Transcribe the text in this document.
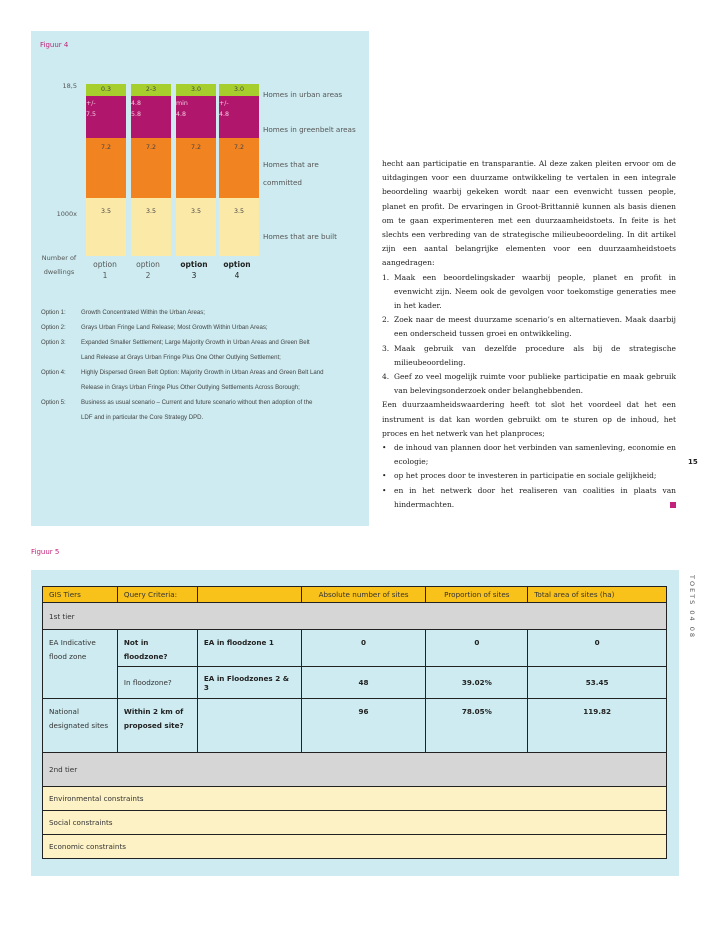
Figuur 4
18,5
1000x
Number of
dwellings
0.3
+/-
7.5
7.2
3.5
2-3
4.8
5.8
7.2
3.5
3.0
min
4.8
7.2
3.5
3.0
+/-
4.8
7.2
3.5
Homes in urban areas
Homes in greenbelt areas
Homes that are
committed
Homes that are built
option
1
option
2
option
3
option
4
Option 1:	Growth Concentrated Within the Urban Areas;
Option 2:	Grays Urban Fringe Land Release; Most Growth Within Urban Areas;
Option 3:	Expanded Smaller Settlement; Large Majority Growth in Urban Areas and Green Belt
Land Release at Grays Urban Fringe Plus One Other Outlying Settlement;
Option 4:	Highly Dispersed Green Belt Option: Majority Growth in Urban Areas and Green Belt Land
Release in Grays Urban Fringe Plus Other Outlying Settlements Across Borough;
Option 5:	Business as usual scenario – Current and future scenario without then adoption of the
LDF and in particular the Core Strategy DPD.

hecht aan participatie en transparantie. Al deze zaken pleiten ervoor om de uitdagingen voor een duurzame ontwikkeling te vertalen in een integrale beoordeling waarbij gekeken wordt naar een evenwicht tussen people, planet en profit. De ervaringen in Groot-Brittannië kunnen als basis dienen om te gaan experimenteren met een duurzaamheidstoets. In feite is het slechts een verbreding van de strategische milieubeoordeling. In dit artikel zijn een aantal belangrijke elementen voor een duurzaamheidstoets aangedragen:

1. Maak een beoordelingskader waarbij people, planet en profit in evenwicht zijn. Neem ook de gevolgen voor toekomstige generaties mee in het kader.
2. Zoek naar de meest duurzame scenario’s en alternatieven. Maak daarbij een onderscheid tussen groei en ontwikkeling.
3. Maak gebruik van dezelfde procedure als bij de strategische milieubeoordeling.
4. Geef zo veel mogelijk ruimte voor publieke participatie en maak gebruik van belevingsonderzoek onder belanghebbenden.

Een duurzaamheidswaardering heeft tot slot het voordeel dat het een instrument is dat kan worden gebruikt om te sturen op de inhoud, het proces en het netwerk van het planproces;

• de inhoud van plannen door het verbinden van samenleving, economie en ecologie;
• op het proces door te investeren in participatie en sociale gelijkheid;
• en in het netwerk door het realiseren van coalities in plaats van hindermachten.
15
TOETS 04 08
Figuur 5
GIS Tiers	Query Criteria:		Absolute number of sites	Proportion of sites	Total area of sites (ha)
1st tier					
EA Indicative flood zone	Not in floodzone?	EA in floodzone 1	0	0	0
	In floodzone?	EA in Floodzones 2 & 3	48	39.02%	53.45
National designated sites	Within 2 km of proposed site?		96	78.05%	119.82
2nd tier					
Environmental constraints					
Social constraints					
Economic constraints					
